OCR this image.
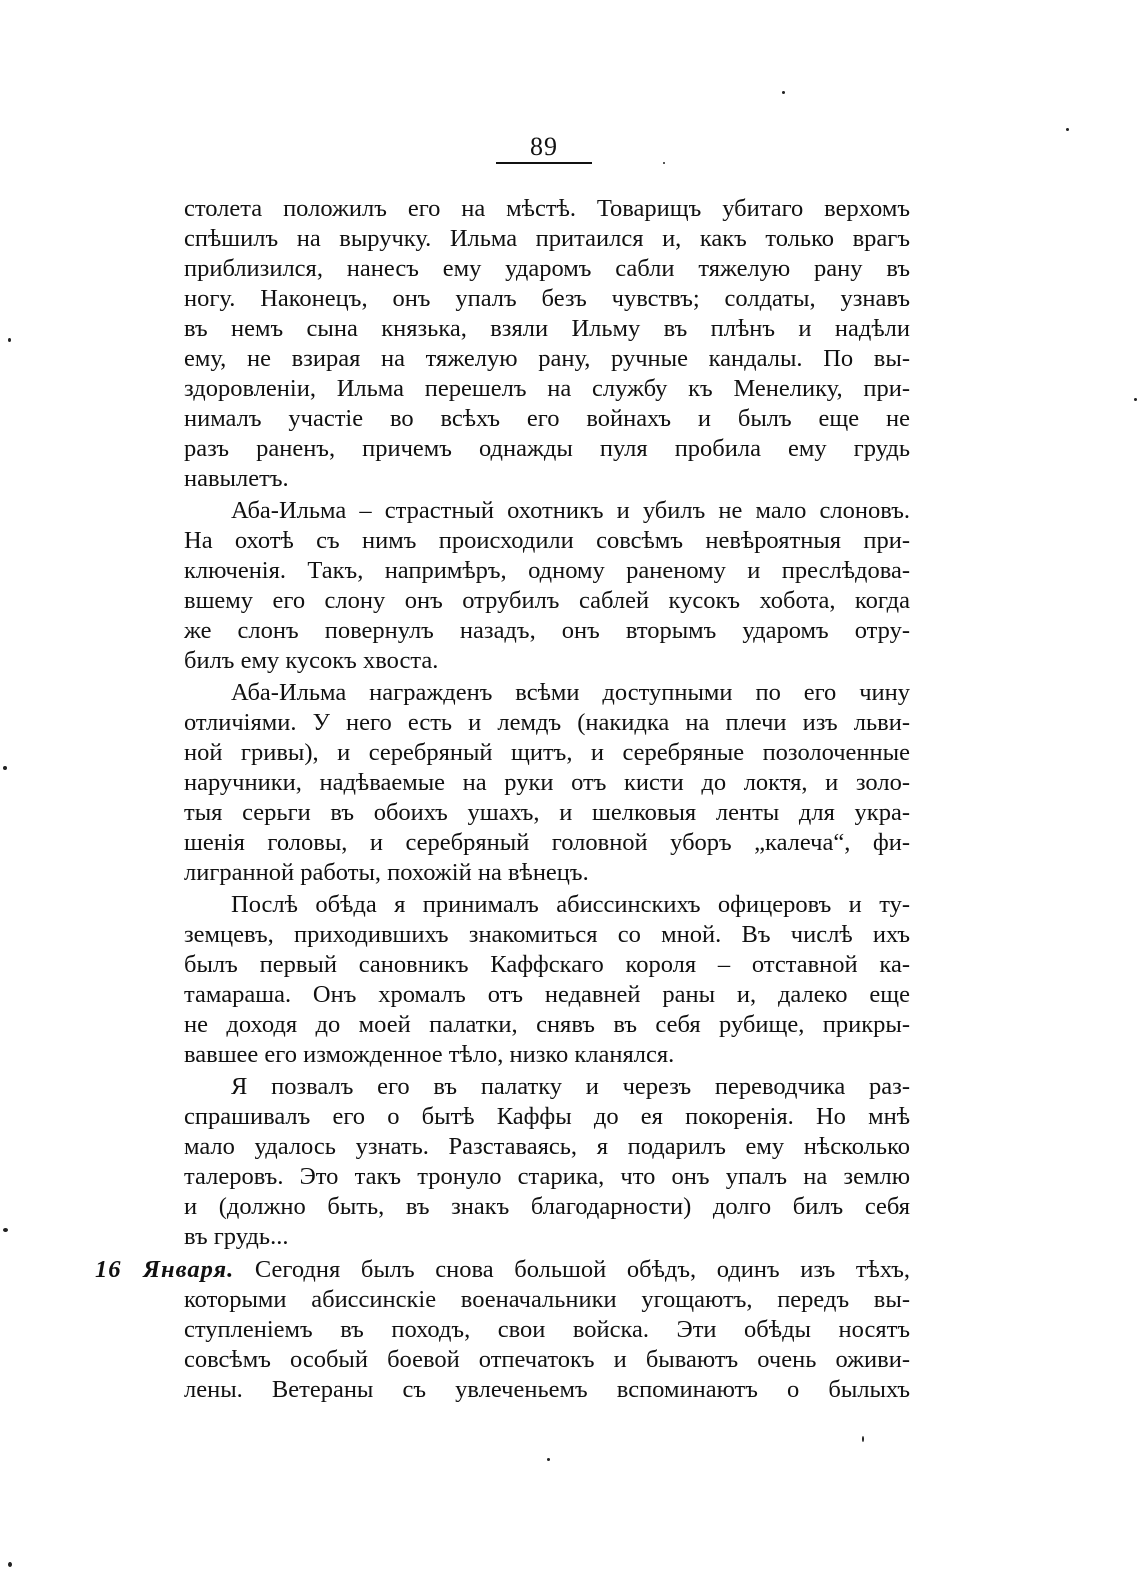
89
столета положилъ его на мѣстѣ. Товарищъ убитаго верхомъ
спѣшилъ на выручку. Ильма притаился и, какъ только врагъ
приблизился, нанесъ ему ударомъ сабли тяжелую рану въ
ногу. Наконецъ, онъ упалъ безъ чувствъ; солдаты, узнавъ
въ немъ сына князька, взяли Ильму въ плѣнъ и надѣли
ему, не взирая на тяжелую рану, ручные кандалы. По вы-
здоровленіи, Ильма перешелъ на службу къ Менелику, при-
нималъ участіе во всѣхъ его войнахъ и былъ еще не
разъ раненъ, причемъ однажды пуля пробила ему грудь
навылетъ.
Аба-Ильма – страстный охотникъ и убилъ не мало слоновъ.
На охотѣ съ нимъ происходили совсѣмъ невѣроятныя при-
ключенія. Такъ, напримѣръ, одному раненому и преслѣдова-
вшему его слону онъ отрубилъ саблей кусокъ хобота, когда
же слонъ повернулъ назадъ, онъ вторымъ ударомъ отру-
билъ ему кусокъ хвоста.
Аба-Ильма награжденъ всѣми доступными по его чину
отличіями. У него есть и лемдъ (накидка на плечи изъ льви-
ной гривы), и серебряный щитъ, и серебряные позолоченные
наручники, надѣваемые на руки отъ кисти до локтя, и золо-
тыя серьги въ обоихъ ушахъ, и шелковыя ленты для укра-
шенія головы, и серебряный головной уборъ „калеча“, фи-
лигранной работы, похожій на вѣнецъ.
Послѣ обѣда я принималъ абиссинскихъ офицеровъ и ту-
земцевъ, приходившихъ знакомиться со мной. Въ числѣ ихъ
былъ первый сановникъ Каффскаго короля – отставной ка-
тамараша. Онъ хромалъ отъ недавней раны и, далеко еще
не доходя до моей палатки, снявъ въ себя рубище, прикры-
вавшее его изможденное тѣло, низко кланялся.
Я позвалъ его въ палатку и черезъ переводчика раз-
спрашивалъ его о бытѣ Каффы до ея покоренія. Но мнѣ
мало удалось узнать. Разставаясь, я подарилъ ему нѣсколько
талеровъ. Это такъ тронуло старика, что онъ упалъ на землю
и (должно быть, въ знакъ благодарности) долго билъ себя
въ грудь...
16 Января. Сегодня былъ снова большой обѣдъ, одинъ изъ тѣхъ,
которыми абиссинскіе военачальники угощаютъ, передъ вы-
ступленіемъ въ походъ, свои войска. Эти обѣды носятъ
совсѣмъ особый боевой отпечатокъ и бываютъ очень оживи-
лены. Ветераны съ увлеченьемъ вспоминаютъ о былыхъ
